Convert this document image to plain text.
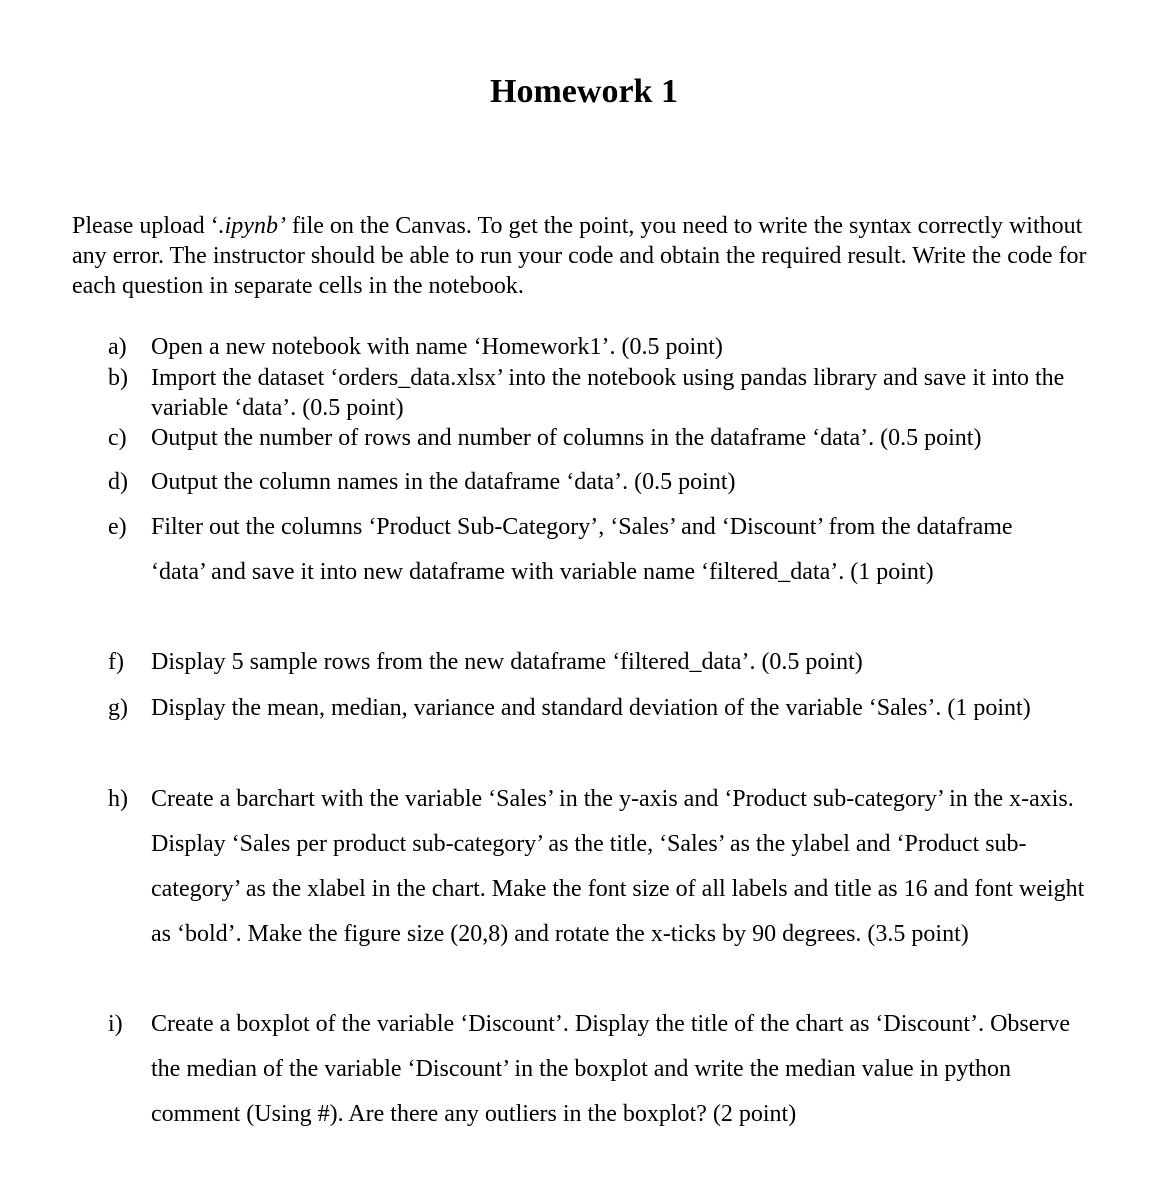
Homework 1

Please upload ‘.ipynb’ file on the Canvas. To get the point, you need to write the syntax correctly without any error. The instructor should be able to run your code and obtain the required result. Write the code for each question in separate cells in the notebook.

a)	Open a new notebook with name ‘Homework1’. (0.5 point)
b) Import the dataset ‘orders_data.xlsx’ into the notebook using pandas library and save it into the variable ‘data’. (0.5 point)
c)	Output the number of rows and number of columns in the dataframe ‘data’. (0.5 point)
d) Output the column names in the dataframe ‘data’. (0.5 point)
e)	Filter out the columns ‘Product Sub-Category’, ‘Sales’ and ‘Discount’ from the dataframe ‘data’ and save it into new dataframe with variable name ‘filtered_data’. (1 point)
f)	Display 5 sample rows from the new dataframe ‘filtered_data’. (0.5 point)
g) Display the mean, median, variance and standard deviation of the variable ‘Sales’. (1 point)
h) Create a barchart with the variable ‘Sales’ in the y-axis and ‘Product sub-category’ in the x-axis. Display ‘Sales per product sub-category’ as the title, ‘Sales’ as the ylabel and ‘Product sub-category’ as the xlabel in the chart. Make the font size of all labels and title as 16 and font weight as ‘bold’. Make the figure size (20,8) and rotate the x-ticks by 90 degrees. (3.5 point)
i)	Create a boxplot of the variable ‘Discount’. Display the title of the chart as ‘Discount’. Observe the median of the variable ‘Discount’ in the boxplot and write the median value in python comment (Using #). Are there any outliers in the boxplot? (2 point)
